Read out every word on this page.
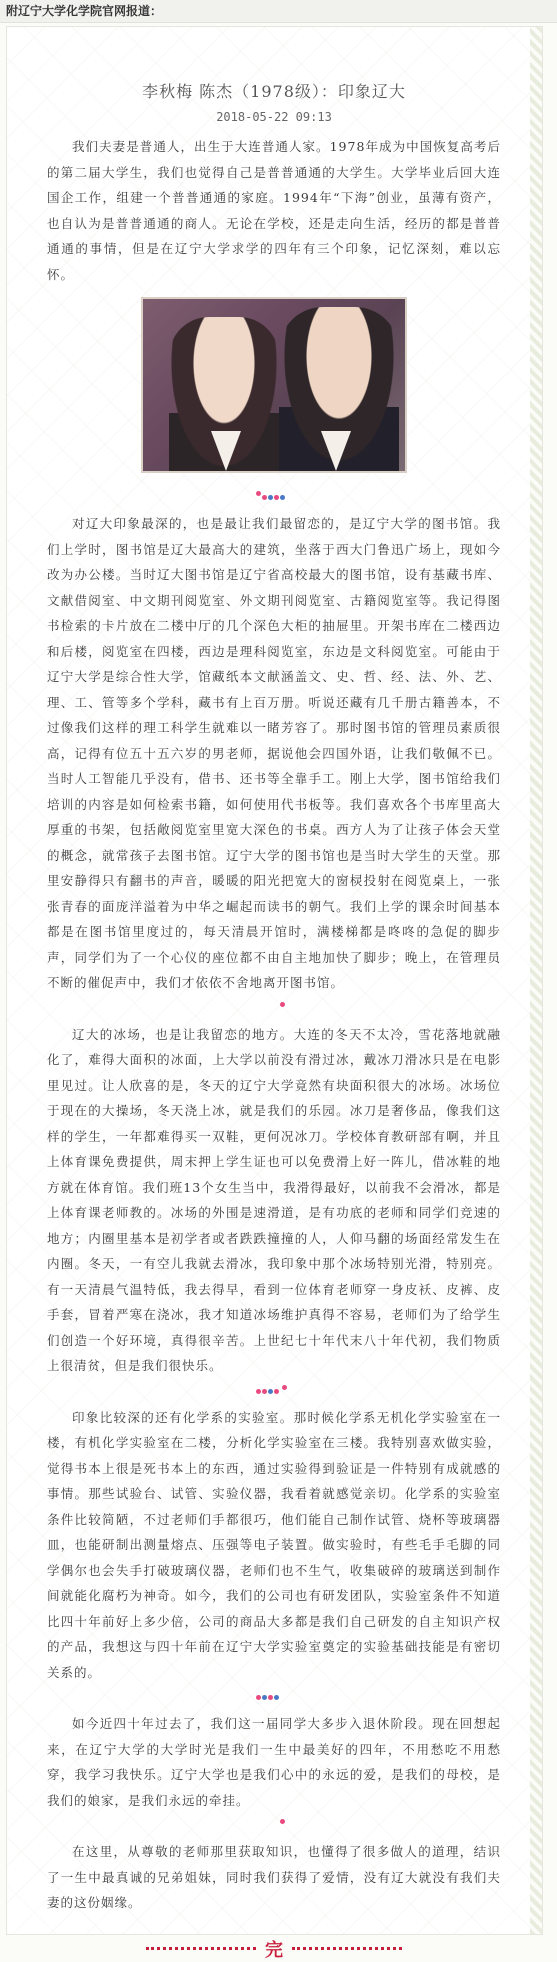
附辽宁大学化学院官网报道：
李秋梅 陈杰（1978级）：印象辽大
2018-05-22 09:13

我们夫妻是普通人，出生于大连普通人家。1978年成为中国恢复高考后的第二届大学生，我们也觉得自己是普普通通的大学生。大学毕业后回大连国企工作，组建一个普普通通的家庭。1994年“下海”创业，虽薄有资产，也自认为是普普通通的商人。无论在学校，还是走向生活，经历的都是普普通通的事情，但是在辽宁大学求学的四年有三个印象，记忆深刻，难以忘怀。

对辽大印象最深的，也是最让我们最留恋的，是辽宁大学的图书馆。我们上学时，图书馆是辽大最高大的建筑，坐落于西大门鲁迅广场上，现如今改为办公楼。当时辽大图书馆是辽宁省高校最大的图书馆，设有基藏书库、文献借阅室、中文期刊阅览室、外文期刊阅览室、古籍阅览室等。我记得图书检索的卡片放在二楼中厅的几个深色大柜的抽屉里。开架书库在二楼西边和后楼，阅览室在四楼，西边是理科阅览室，东边是文科阅览室。可能由于辽宁大学是综合性大学，馆藏纸本文献涵盖文、史、哲、经、法、外、艺、理、工、管等多个学科，藏书有上百万册。听说还藏有几千册古籍善本，不过像我们这样的理工科学生就难以一睹芳容了。那时图书馆的管理员素质很高，记得有位五十五六岁的男老师，据说他会四国外语，让我们敬佩不已。当时人工智能几乎没有，借书、还书等全靠手工。刚上大学，图书馆给我们培训的内容是如何检索书籍，如何使用代书板等。我们喜欢各个书库里高大厚重的书架，包括敞阅览室里宽大深色的书桌。西方人为了让孩子体会天堂的概念，就常孩子去图书馆。辽宁大学的图书馆也是当时大学生的天堂。那里安静得只有翻书的声音，暖暖的阳光把宽大的窗棂投射在阅览桌上，一张张青春的面庞洋溢着为中华之崛起而读书的朝气。我们上学的课余时间基本都是在图书馆里度过的，每天清晨开馆时，满楼梯都是咚咚的急促的脚步声，同学们为了一个心仪的座位都不由自主地加快了脚步；晚上，在管理员不断的催促声中，我们才依依不舍地离开图书馆。

辽大的冰场，也是让我留恋的地方。大连的冬天不太冷，雪花落地就融化了，难得大面积的冰面，上大学以前没有滑过冰，戴冰刀滑冰只是在电影里见过。让人欣喜的是，冬天的辽宁大学竟然有块面积很大的冰场。冰场位于现在的大操场，冬天浇上冰，就是我们的乐园。冰刀是奢侈品，像我们这样的学生，一年都难得买一双鞋，更何况冰刀。学校体育教研部有啊，并且上体育课免费提供，周末押上学生证也可以免费滑上好一阵儿，借冰鞋的地方就在体育馆。我们班13个女生当中，我滑得最好，以前我不会滑冰，都是上体育课老师教的。冰场的外围是速滑道，是有功底的老师和同学们竞速的地方；内圈里基本是初学者或者跌跌撞撞的人，人仰马翻的场面经常发生在内圈。冬天，一有空儿我就去滑冰，我印象中那个冰场特别光滑，特别亮。有一天清晨气温特低，我去得早，看到一位体育老师穿一身皮袄、皮裤、皮手套，冒着严寒在浇冰，我才知道冰场维护真得不容易，老师们为了给学生们创造一个好环境，真得很辛苦。上世纪七十年代末八十年代初，我们物质上很清贫，但是我们很快乐。

印象比较深的还有化学系的实验室。那时候化学系无机化学实验室在一楼，有机化学实验室在二楼，分析化学实验室在三楼。我特别喜欢做实验，觉得书本上很是死书本上的东西，通过实验得到验证是一件特别有成就感的事情。那些试验台、试管、实验仪器，我看着就感觉亲切。化学系的实验室条件比较简陋，不过老师们手都很巧，他们能自己制作试管、烧杯等玻璃器皿，也能研制出测量熔点、压强等电子装置。做实验时，有些毛手毛脚的同学偶尔也会失手打破玻璃仪器，老师们也不生气，收集破碎的玻璃送到制作间就能化腐朽为神奇。如今，我们的公司也有研发团队，实验室条件不知道比四十年前好上多少倍，公司的商品大多都是我们自己研发的自主知识产权的产品，我想这与四十年前在辽宁大学实验室奠定的实验基础技能是有密切关系的。

如今近四十年过去了，我们这一届同学大多步入退休阶段。现在回想起来，在辽宁大学的大学时光是我们一生中最美好的四年，不用愁吃不用愁穿，我学习我快乐。辽宁大学也是我们心中的永远的爱，是我们的母校，是我们的娘家，是我们永远的牵挂。

在这里，从尊敬的老师那里获取知识，也懂得了很多做人的道理，结识了一生中最真诚的兄弟姐妹，同时我们获得了爱情，没有辽大就没有我们夫妻的这份姻缘。

完
